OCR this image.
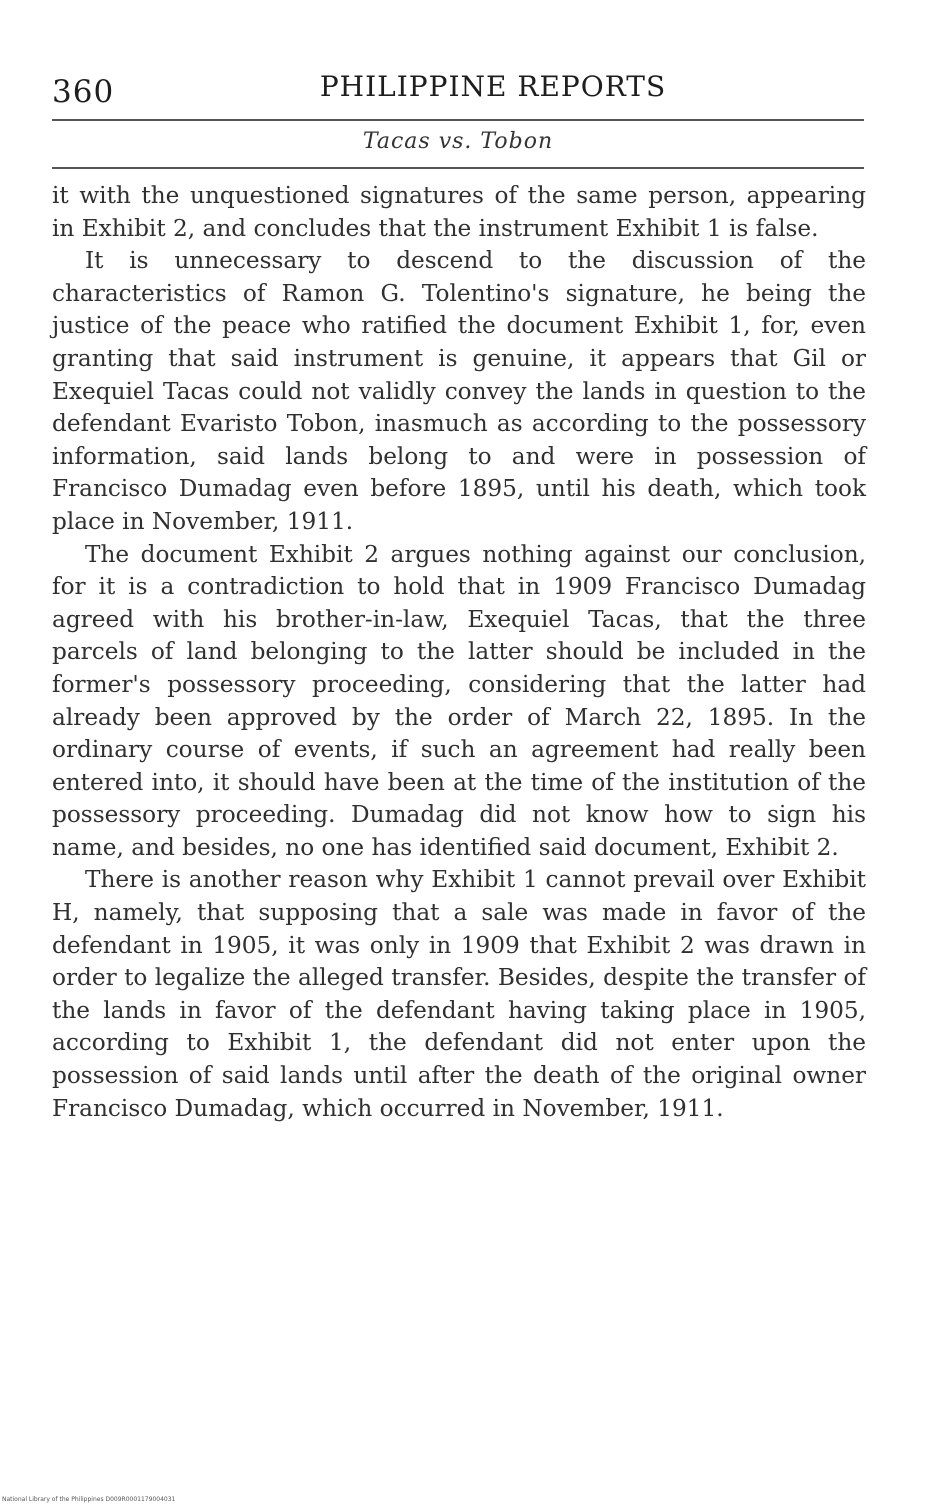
360	PHILIPPINE REPORTS
Tacas vs. Tobon

it with the unquestioned signatures of the same person, appearing in Exhibit 2, and concludes that the instrument Exhibit 1 is false.

It is unnecessary to descend to the discussion of the characteristics of Ramon G. Tolentino's signature, he being the justice of the peace who ratified the document Exhibit 1, for, even granting that said instrument is genuine, it appears that Gil or Exequiel Tacas could not validly convey the lands in question to the defendant Evaristo Tobon, inasmuch as according to the possessory information, said lands belong to and were in possession of Francisco Dumadag even before 1895, until his death, which took place in November, 1911.

The document Exhibit 2 argues nothing against our conclusion, for it is a contradiction to hold that in 1909 Francisco Dumadag agreed with his brother-in-law, Exequiel Tacas, that the three parcels of land belonging to the latter should be included in the former's possessory proceeding, considering that the latter had already been approved by the order of March 22, 1895. In the ordinary course of events, if such an agreement had really been entered into, it should have been at the time of the institution of the possessory proceeding. Dumadag did not know how to sign his name, and besides, no one has identified said document, Exhibit 2.

There is another reason why Exhibit 1 cannot prevail over Exhibit H, namely, that supposing that a sale was made in favor of the defendant in 1905, it was only in 1909 that Exhibit 2 was drawn in order to legalize the alleged transfer. Besides, despite the transfer of the lands in favor of the defendant having taking place in 1905, according to Exhibit 1, the defendant did not enter upon the possession of said lands until after the death of the original owner Francisco Dumadag, which occurred in November, 1911.

National Library of the Philippines D009R0001179004031
